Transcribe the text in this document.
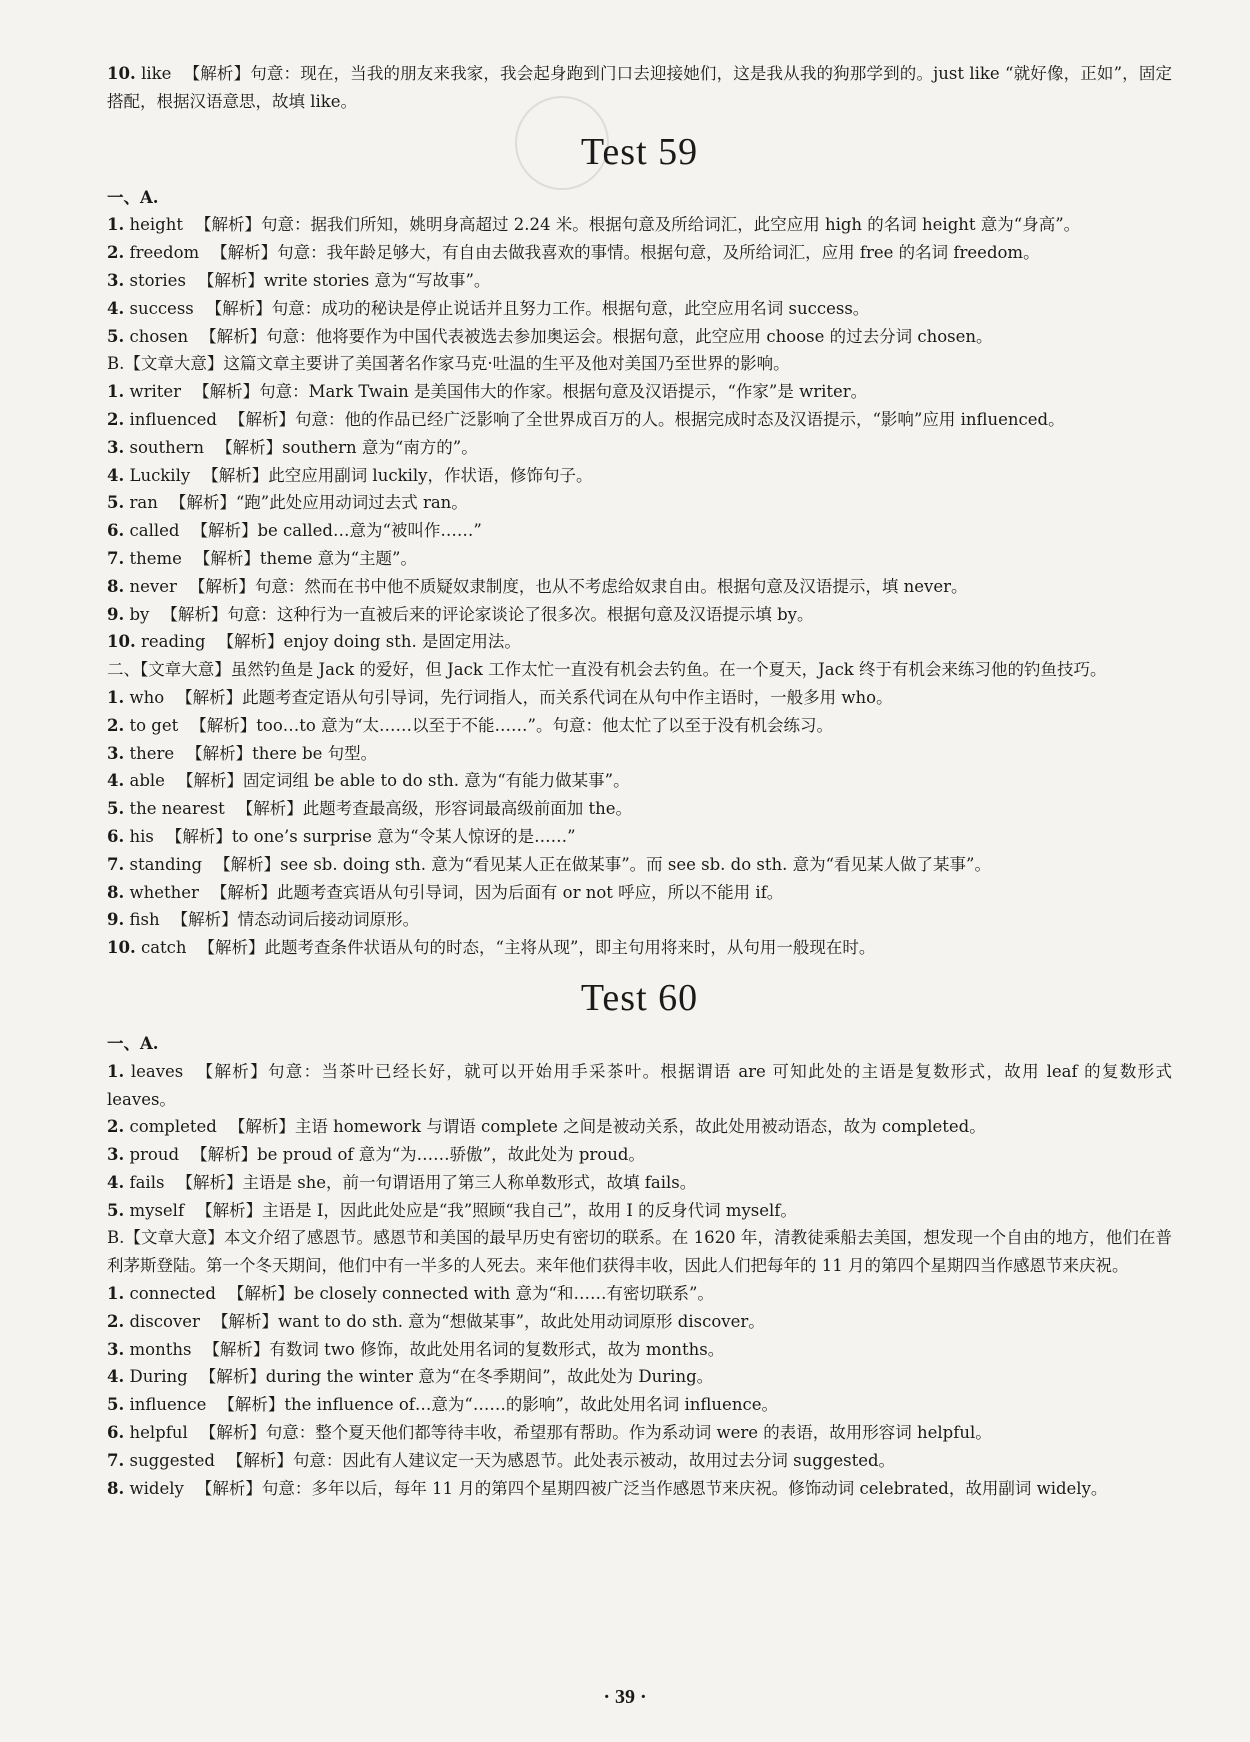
10. like 【解析】句意：现在，当我的朋友来我家，我会起身跑到门口去迎接她们，这是我从我的狗那学到的。just like “就好像，正如”，固定搭配，根据汉语意思，故填 like。
Test 59
一、A.
1. height 【解析】句意：据我们所知，姚明身高超过 2.24 米。根据句意及所给词汇，此空应用 high 的名词 height 意为“身高”。
2. freedom 【解析】句意：我年龄足够大，有自由去做我喜欢的事情。根据句意，及所给词汇，应用 free 的名词 freedom。
3. stories 【解析】write stories 意为“写故事”。
4. success 【解析】句意：成功的秘诀是停止说话并且努力工作。根据句意，此空应用名词 success。
5. chosen 【解析】句意：他将要作为中国代表被选去参加奥运会。根据句意，此空应用 choose 的过去分词 chosen。
B.【文章大意】这篇文章主要讲了美国著名作家马克·吐温的生平及他对美国乃至世界的影响。
1. writer 【解析】句意：Mark Twain 是美国伟大的作家。根据句意及汉语提示，“作家”是 writer。
2. influenced 【解析】句意：他的作品已经广泛影响了全世界成百万的人。根据完成时态及汉语提示，“影响”应用 influenced。
3. southern 【解析】southern 意为“南方的”。
4. Luckily 【解析】此空应用副词 luckily，作状语，修饰句子。
5. ran 【解析】“跑”此处应用动词过去式 ran。
6. called 【解析】be called…意为“被叫作……”
7. theme 【解析】theme 意为“主题”。
8. never 【解析】句意：然而在书中他不质疑奴隶制度，也从不考虑给奴隶自由。根据句意及汉语提示，填 never。
9. by 【解析】句意：这种行为一直被后来的评论家谈论了很多次。根据句意及汉语提示填 by。
10. reading 【解析】enjoy doing sth. 是固定用法。
二、【文章大意】虽然钓鱼是 Jack 的爱好，但 Jack 工作太忙一直没有机会去钓鱼。在一个夏天，Jack 终于有机会来练习他的钓鱼技巧。
1. who 【解析】此题考查定语从句引导词，先行词指人，而关系代词在从句中作主语时，一般多用 who。
2. to get 【解析】too…to 意为“太……以至于不能……”。句意：他太忙了以至于没有机会练习。
3. there 【解析】there be 句型。
4. able 【解析】固定词组 be able to do sth. 意为“有能力做某事”。
5. the nearest 【解析】此题考查最高级，形容词最高级前面加 the。
6. his 【解析】to one’s surprise 意为“令某人惊讶的是……”
7. standing 【解析】see sb. doing sth. 意为“看见某人正在做某事”。而 see sb. do sth. 意为“看见某人做了某事”。
8. whether 【解析】此题考查宾语从句引导词，因为后面有 or not 呼应，所以不能用 if。
9. fish 【解析】情态动词后接动词原形。
10. catch 【解析】此题考查条件状语从句的时态，“主将从现”，即主句用将来时，从句用一般现在时。
Test 60
一、A.
1. leaves 【解析】句意：当茶叶已经长好，就可以开始用手采茶叶。根据谓语 are 可知此处的主语是复数形式，故用 leaf 的复数形式 leaves。
2. completed 【解析】主语 homework 与谓语 complete 之间是被动关系，故此处用被动语态，故为 completed。
3. proud 【解析】be proud of 意为“为……骄傲”，故此处为 proud。
4. fails 【解析】主语是 she，前一句谓语用了第三人称单数形式，故填 fails。
5. myself 【解析】主语是 I，因此此处应是“我”照顾“我自己”，故用 I 的反身代词 myself。
B.【文章大意】本文介绍了感恩节。感恩节和美国的最早历史有密切的联系。在 1620 年，清教徒乘船去美国，想发现一个自由的地方，他们在普利茅斯登陆。第一个冬天期间，他们中有一半多的人死去。来年他们获得丰收，因此人们把每年的 11 月的第四个星期四当作感恩节来庆祝。
1. connected 【解析】be closely connected with 意为“和……有密切联系”。
2. discover 【解析】want to do sth. 意为“想做某事”，故此处用动词原形 discover。
3. months 【解析】有数词 two 修饰，故此处用名词的复数形式，故为 months。
4. During 【解析】during the winter 意为“在冬季期间”，故此处为 During。
5. influence 【解析】the influence of…意为“……的影响”，故此处用名词 influence。
6. helpful 【解析】句意：整个夏天他们都等待丰收，希望那有帮助。作为系动词 were 的表语，故用形容词 helpful。
7. suggested 【解析】句意：因此有人建议定一天为感恩节。此处表示被动，故用过去分词 suggested。
8. widely 【解析】句意：多年以后，每年 11 月的第四个星期四被广泛当作感恩节来庆祝。修饰动词 celebrated，故用副词 widely。
· 39 ·
